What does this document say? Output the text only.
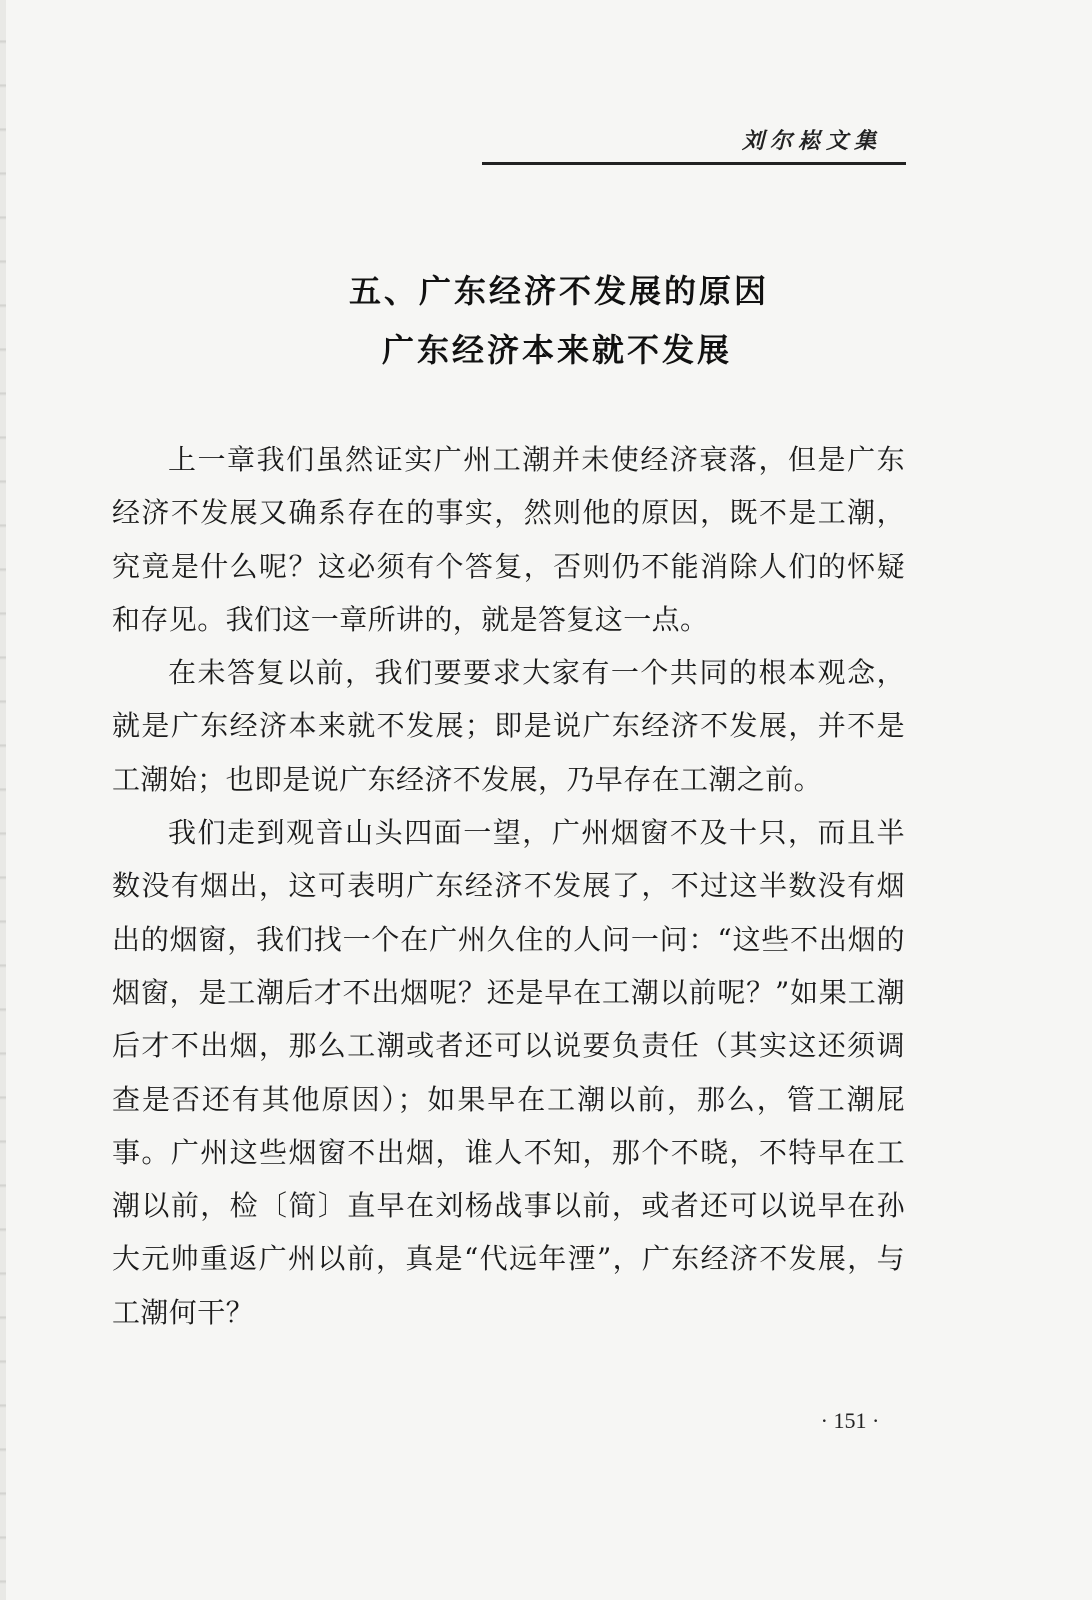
刘尔崧文集
五、广东经济不发展的原因
广东经济本来就不发展

上一章我们虽然证实广州工潮并未使经济衰落，但是广东经济不发展又确系存在的事实，然则他的原因，既不是工潮，究竟是什么呢？这必须有个答复，否则仍不能消除人们的怀疑和存见。我们这一章所讲的，就是答复这一点。

在未答复以前，我们要要求大家有一个共同的根本观念，就是广东经济本来就不发展；即是说广东经济不发展，并不是工潮始；也即是说广东经济不发展，乃早存在工潮之前。

我们走到观音山头四面一望，广州烟窗不及十只，而且半数没有烟出，这可表明广东经济不发展了，不过这半数没有烟出的烟窗，我们找一个在广州久住的人问一问：“这些不出烟的烟窗，是工潮后才不出烟呢？还是早在工潮以前呢？”如果工潮后才不出烟，那么工潮或者还可以说要负责任（其实这还须调查是否还有其他原因）；如果早在工潮以前，那么，管工潮屁事。广州这些烟窗不出烟，谁人不知，那个不晓，不特早在工潮以前，检〔简〕直早在刘杨战事以前，或者还可以说早在孙大元帅重返广州以前，真是“代远年湮”，广东经济不发展，与工潮何干？

· 151 ·
